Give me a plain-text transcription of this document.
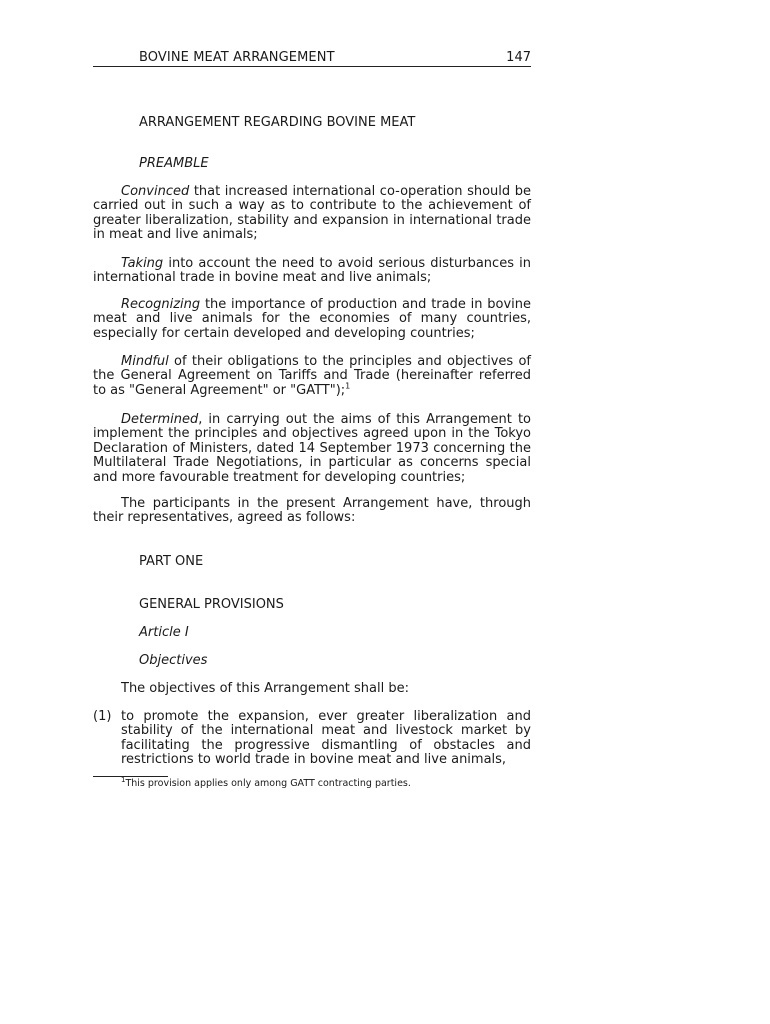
BOVINE MEAT ARRANGEMENT	147
ARRANGEMENT REGARDING BOVINE MEAT
PREAMBLE

Convinced that increased international co-operation should be carried out in such a way as to contribute to the achievement of greater liberalization, stability and expansion in international trade in meat and live animals;

Taking into account the need to avoid serious disturbances in international trade in bovine meat and live animals;

Recognizing the importance of production and trade in bovine meat and live animals for the economies of many countries, especially for certain developed and developing countries;

Mindful of their obligations to the principles and objectives of the General Agreement on Tariffs and Trade (hereinafter referred to as "General Agreement" or "GATT");$^1$

Determined, in carrying out the aims of this Arrangement to implement the principles and objectives agreed upon in the Tokyo Declaration of Ministers, dated 14 September 1973 concerning the Multilateral Trade Negotiations, in particular as concerns special and more favourable treatment for developing countries;

The participants in the present Arrangement have, through their representatives, agreed as follows:

PART ONE
GENERAL PROVISIONS
Article I
Objectives

The objectives of this Arrangement shall be:

(1) to promote the expansion, ever greater liberalization and stability of the international meat and livestock market by facilitating the progressive dismantling of obstacles and restrictions to world trade in bovine meat and live animals,
$^1$This provision applies only among GATT contracting parties.
